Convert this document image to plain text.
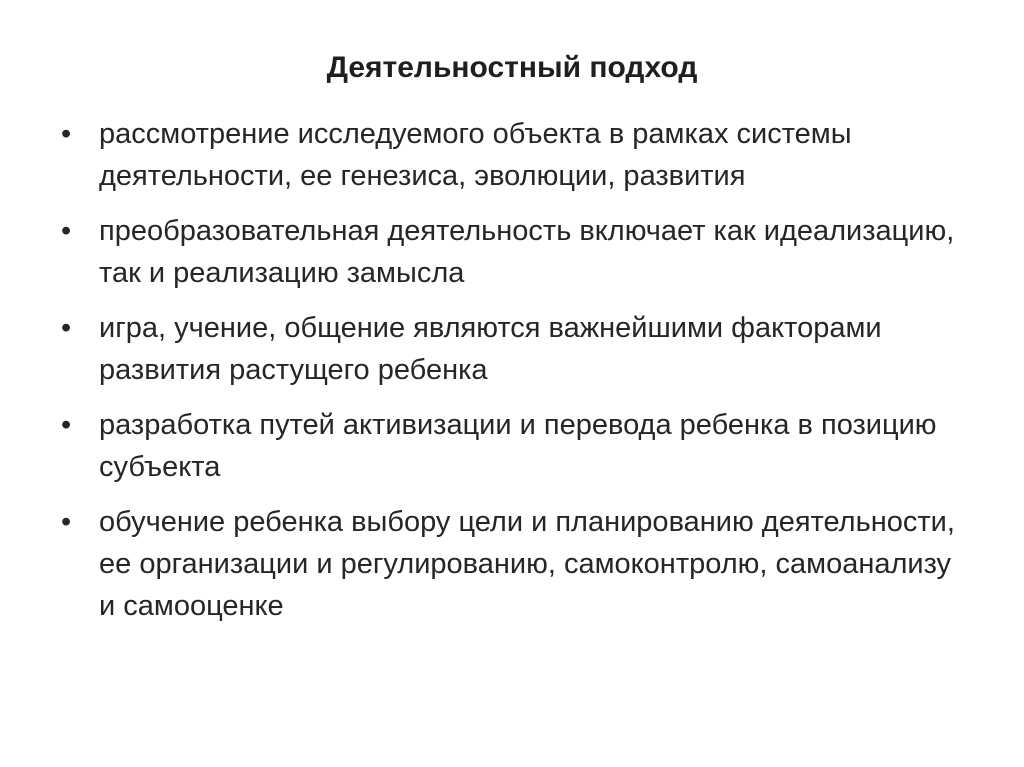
Деятельностный подход
• рассмотрение исследуемого объекта в рамках системы деятельности, ее генезиса, эволюции, развития
• преобразовательная деятельность включает как идеализацию, так и реализацию замысла
• игра, учение, общение являются важнейшими факторами развития растущего ребенка
• разработка путей активизации и перевода ребенка в позицию субъекта
• обучение ребенка выбору цели и планированию деятельности, ее организации и регулированию, самоконтролю, самоанализу и самооценке
